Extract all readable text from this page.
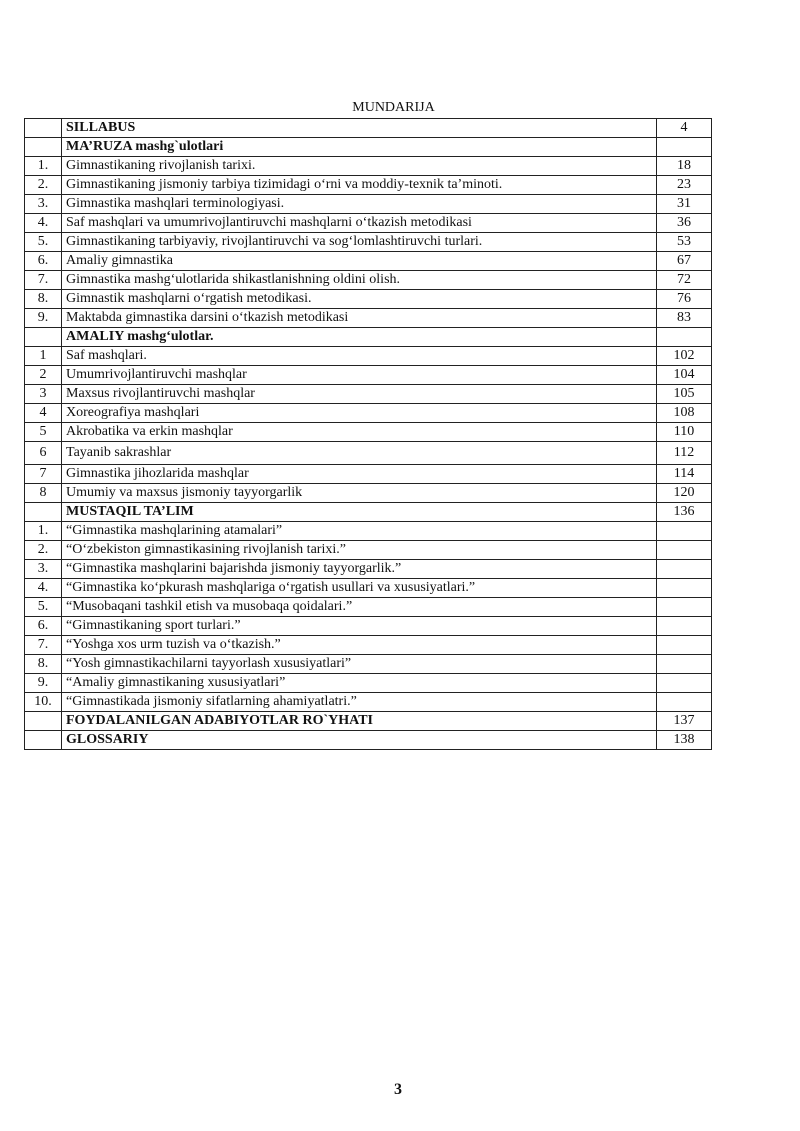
MUNDARIJA
	SILLABUS	4
	MA’RUZA mashg`ulotlari	
1.	Gimnastikaning rivojlanish tarixi.	18
2.	Gimnastikaning jismoniy tarbiya tizimidagi o‘rni va moddiy-texnik ta’minoti.	23
3.	Gimnastika mashqlari terminologiyasi.	31
4.	Saf mashqlari va umumrivojlantiruvchi mashqlarni o‘tkazish metodikasi	36
5.	Gimnastikaning tarbiyaviy, rivojlantiruvchi va sog‘lomlashtiruvchi turlari.	53
6.	Amaliy gimnastika	67
7.	Gimnastika mashg‘ulotlarida shikastlanishning oldini olish.	72
8.	Gimnastik mashqlarni o‘rgatish metodikasi.	76
9.	Maktabda gimnastika darsini o‘tkazish metodikasi	83
	AMALIY mashg‘ulotlar.	
1	Saf mashqlari.	102
2	Umumrivojlantiruvchi mashqlar	104
3	Maxsus rivojlantiruvchi mashqlar	105
4	Xoreografiya mashqlari	108
5	Akrobatika va erkin mashqlar	110
6	Tayanib sakrashlar	112
7	Gimnastika jihozlarida mashqlar	114
8	Umumiy va maxsus jismoniy tayyorgarlik	120
	MUSTAQIL TA’LIM	136
1.	“Gimnastika mashqlarining atamalari”	
2.	“O‘zbekiston gimnastikasining rivojlanish tarixi.”	
3.	“Gimnastika mashqlarini bajarishda jismoniy tayyorgarlik.”	
4.	“Gimnastika ko‘pkurash mashqlariga o‘rgatish usullari va xususiyatlari.”	
5.	“Musobaqani tashkil etish va musobaqa qoidalari.”	
6.	“Gimnastikaning sport turlari.”	
7.	“Yoshga xos urm tuzish va o‘tkazish.”	
8.	“Yosh gimnastikachilarni tayyorlash xususiyatlari”	
9.	“Amaliy gimnastikaning xususiyatlari”	
10.	“Gimnastikada jismoniy sifatlarning ahamiyatlatri.”	
	FOYDALANILGAN ADABIYOTLAR RO`YHATI	137
	GLOSSARIY	138
3
